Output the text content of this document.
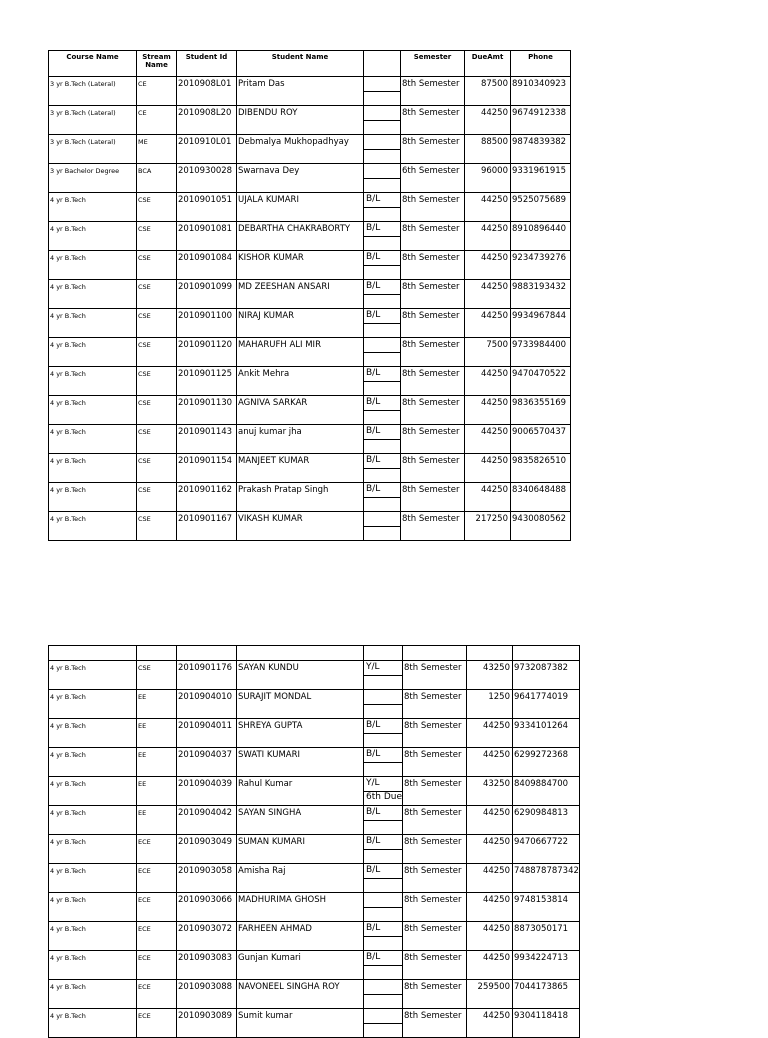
Course Name	Stream Name	Student Id	Student Name		Semester	DueAmt	Phone
3 yr B.Tech (Lateral)	CE	2010908L01	Pritam Das		8th Semester	87500	8910340923

3 yr B.Tech (Lateral)	CE	2010908L20	DIBENDU ROY		8th Semester	44250	9674912338

3 yr B.Tech (Lateral)	ME	2010910L01	Debmalya Mukhopadhyay		8th Semester	88500	9874839382

3 yr Bachelor Degree	BCA	2010930028	Swarnava Dey		6th Semester	96000	9331961915

4 yr B.Tech	CSE	2010901051	UJALA KUMARI	B/L	8th Semester	44250	9525075689

4 yr B.Tech	CSE	2010901081	DEBARTHA CHAKRABORTY	B/L	8th Semester	44250	8910896440

4 yr B.Tech	CSE	2010901084	KISHOR KUMAR	B/L	8th Semester	44250	9234739276

4 yr B.Tech	CSE	2010901099	MD ZEESHAN ANSARI	B/L	8th Semester	44250	9883193432

4 yr B.Tech	CSE	2010901100	NIRAJ KUMAR	B/L	8th Semester	44250	9934967844

4 yr B.Tech	CSE	2010901120	MAHARUFH ALI MIR		8th Semester	7500	9733984400

4 yr B.Tech	CSE	2010901125	Ankit Mehra	B/L	8th Semester	44250	9470470522

4 yr B.Tech	CSE	2010901130	AGNIVA SARKAR	B/L	8th Semester	44250	9836355169

4 yr B.Tech	CSE	2010901143	anuj kumar jha	B/L	8th Semester	44250	9006570437

4 yr B.Tech	CSE	2010901154	MANJEET KUMAR	B/L	8th Semester	44250	9835826510

4 yr B.Tech	CSE	2010901162	Prakash Pratap Singh	B/L	8th Semester	44250	8340648488

4 yr B.Tech	CSE	2010901167	VIKASH KUMAR		8th Semester	217250	9430080562

4 yr B.Tech	CSE	2010901176	SAYAN KUNDU	Y/L	8th Semester	43250	9732087382

4 yr B.Tech	EE	2010904010	SURAJIT MONDAL		8th Semester	1250	9641774019

4 yr B.Tech	EE	2010904011	SHREYA GUPTA	B/L	8th Semester	44250	9334101264

4 yr B.Tech	EE	2010904037	SWATI KUMARI	B/L	8th Semester	44250	6299272368

4 yr B.Tech	EE	2010904039	Rahul Kumar	Y/L	8th Semester	43250	8409884700
				6th Due			
4 yr B.Tech	EE	2010904042	SAYAN SINGHA	B/L	8th Semester	44250	6290984813

4 yr B.Tech	ECE	2010903049	SUMAN KUMARI	B/L	8th Semester	44250	9470667722

4 yr B.Tech	ECE	2010903058	Amisha Raj	B/L	8th Semester	44250	748878787342

4 yr B.Tech	ECE	2010903066	MADHURIMA GHOSH		8th Semester	44250	9748153814

4 yr B.Tech	ECE	2010903072	FARHEEN AHMAD	B/L	8th Semester	44250	8873050171

4 yr B.Tech	ECE	2010903083	Gunjan Kumari	B/L	8th Semester	44250	9934224713

4 yr B.Tech	ECE	2010903088	NAVONEEL SINGHA ROY		8th Semester	259500	7044173865

4 yr B.Tech	ECE	2010903089	Sumit kumar		8th Semester	44250	9304118418
